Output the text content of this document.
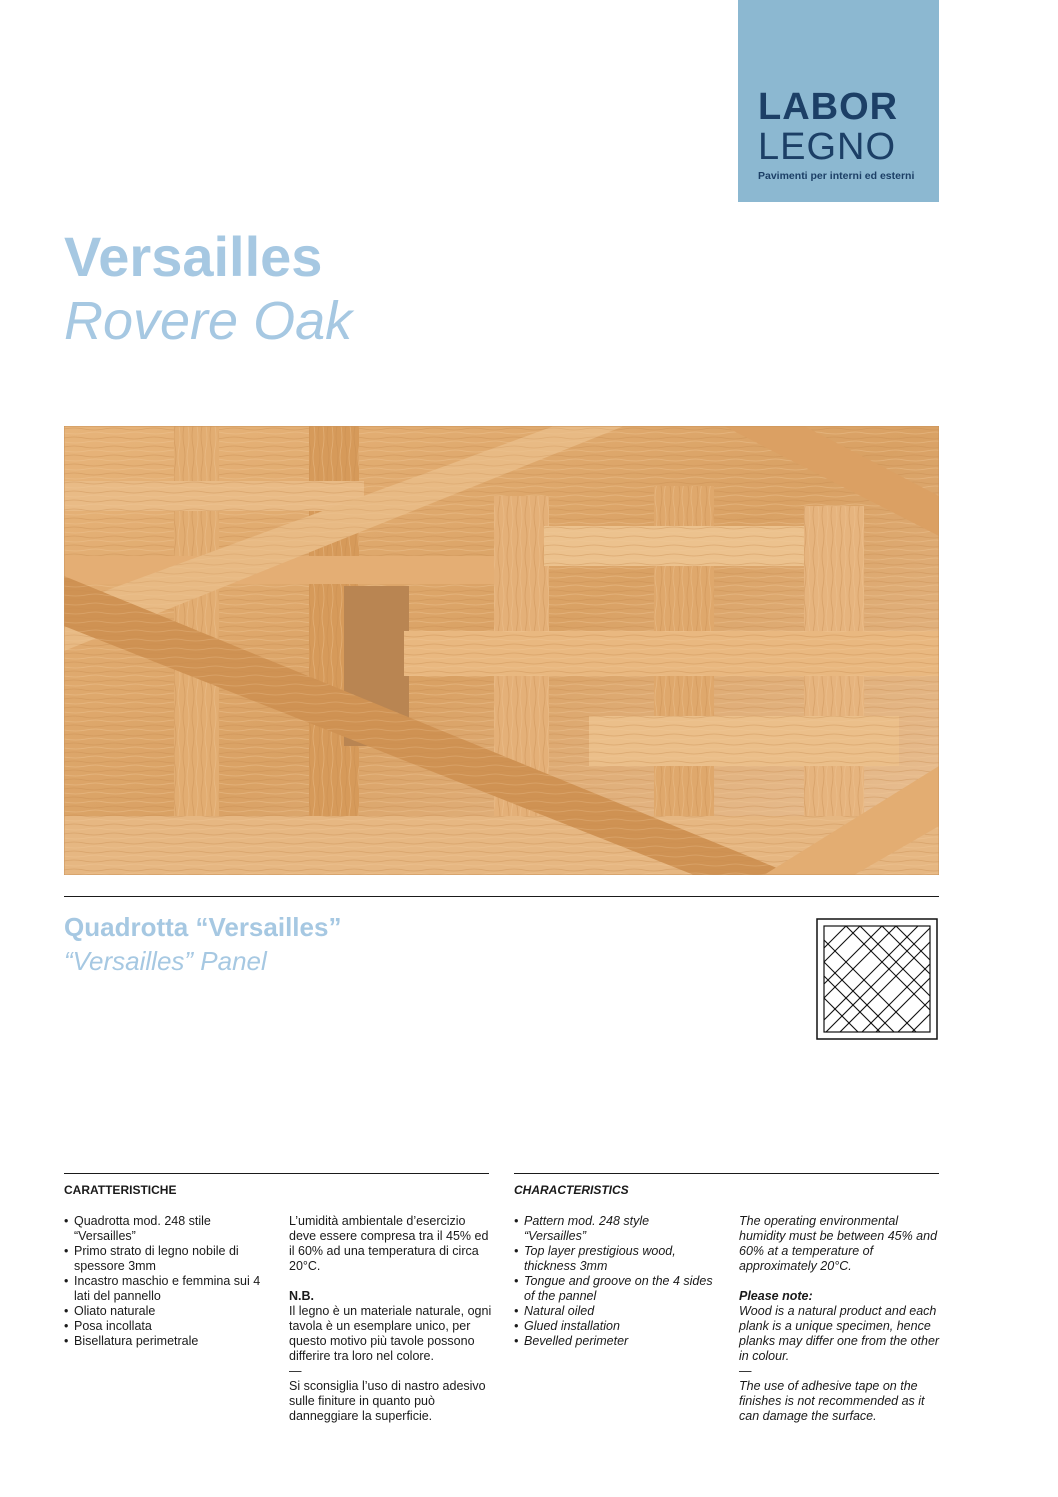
LABOR
LEGNO
Pavimenti per interni ed esterni
Versailles
Rovere Oak
Quadrotta “Versailles”
“Versailles” Panel
CARATTERISTICHE
• Quadrotta mod. 248 stile “Versailles”
• Primo strato di legno nobile di spessore 3mm
• Incastro maschio e femmina sui 4 lati del pannello
• Oliato naturale
• Posa incollata
• Bisellatura perimetrale

L’umidità ambientale d’esercizio deve essere compresa tra il 45% ed il 60% ad una temperatura di circa 20°C.

N.B.

Il legno è un materiale naturale, ogni tavola è un esemplare unico, per questo motivo più tavole possono differire tra loro nel colore.

—

Si sconsiglia l’uso di nastro adesivo sulle finiture in quanto può danneggiare la superficie.

CHARACTERISTICS
• Pattern mod. 248 style “Versailles”
• Top layer prestigious wood, thickness 3mm
• Tongue and groove on the 4 sides of the pannel
• Natural oiled
• Glued installation
• Bevelled perimeter

The operating environmental humidity must be between 45% and 60% at a temperature of approximately 20°C.

Please note:

Wood is a natural product and each plank is a unique specimen, hence planks may differ one from the other in colour.

—

The use of adhesive tape on the finishes is not recommended as it can damage the surface.
